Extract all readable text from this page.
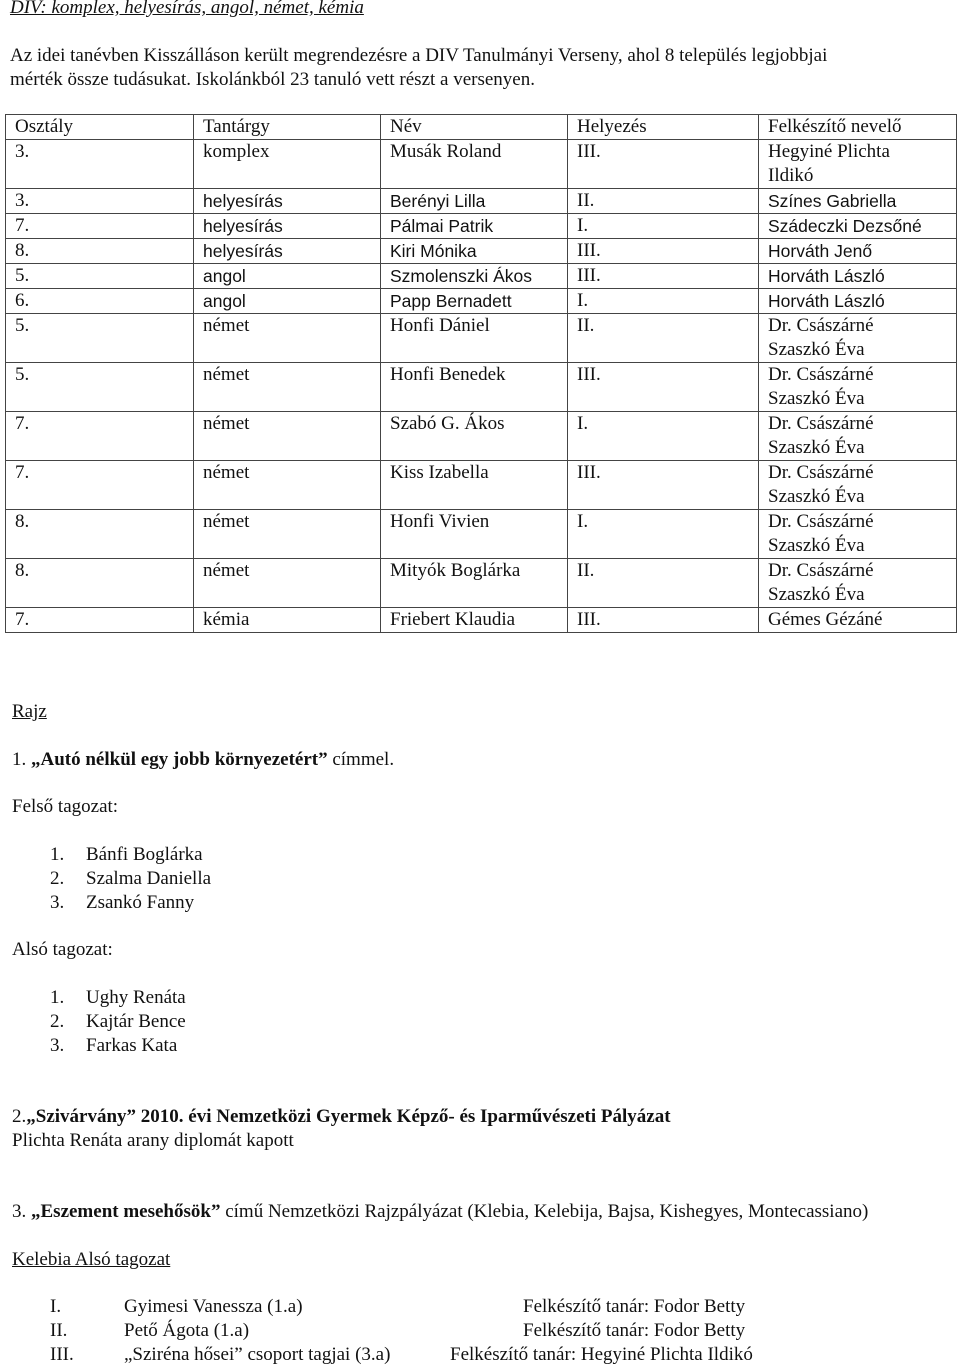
DIV: komplex, helyesírás, angol, német, kémia
Az idei tanévben Kisszálláson került megrendezésre a DIV Tanulmányi Verseny, ahol 8 település legjobbjai
mérték össze tudásukat. Iskolánkból 23 tanuló vett részt a versenyen.
Osztály	Tantárgy	Név	Helyezés	Felkészítő nevelő
3.	komplex	Musák Roland	III.	Hegyiné Plichta
Ildikó
3.	helyesírás	Berényi Lilla	II.	Színes Gabriella
7.	helyesírás	Pálmai Patrik	I.	Szádeczki Dezsőné
8.	helyesírás	Kiri Mónika	III.	Horváth Jenő
5.	angol	Szmolenszki Ákos	III.	Horváth László
6.	angol	Papp Bernadett	I.	Horváth László
5.	német	Honfi Dániel	II.	Dr. Császárné
Szaszkó Éva
5.	német	Honfi Benedek	III.	Dr. Császárné
Szaszkó Éva
7.	német	Szabó G. Ákos	I.	Dr. Császárné
Szaszkó Éva
7.	német	Kiss Izabella	III.	Dr. Császárné
Szaszkó Éva
8.	német	Honfi Vivien	I.	Dr. Császárné
Szaszkó Éva
8.	német	Mityók Boglárka	II.	Dr. Császárné
Szaszkó Éva
7.	kémia	Friebert Klaudia	III.	Gémes Gézáné
Rajz
1. „Autó nélkül egy jobb környezetért” címmel.
Felső tagozat:
1. Bánfi Boglárka
2. Szalma Daniella
3. Zsankó Fanny
Alsó tagozat:
1. Ughy Renáta
2. Kajtár Bence
3. Farkas Kata
2.„Szivárvány” 2010. évi Nemzetközi Gyermek Képző- és Iparművészeti Pályázat
Plichta Renáta arany diplomát kapott
3. „Eszement mesehősök” című Nemzetközi Rajzpályázat (Klebia, Kelebija, Bajsa, Kishegyes, Montecassiano)
Kelebia Alsó tagozat
I.	Gyimesi Vanessza (1.a)	Felkészítő tanár: Fodor Betty
II.	Pető Ágota (1.a)	Felkészítő tanár: Fodor Betty
III.	„Sziréna hősei” csoport tagjai (3.a)	Felkészítő tanár: Hegyiné Plichta Ildikó
